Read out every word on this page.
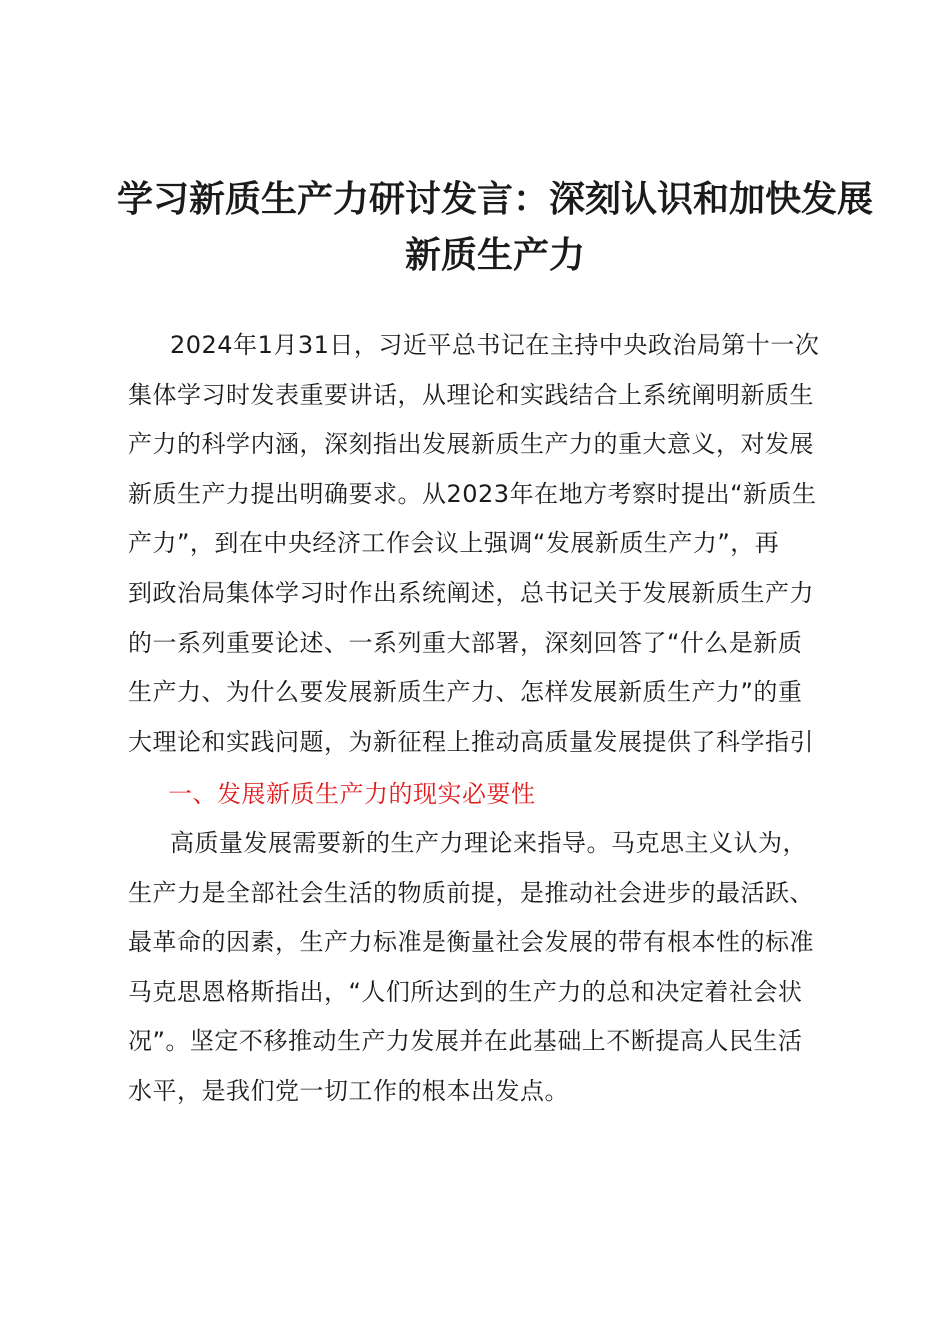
学习新质生产力研讨发言：深刻认识和加快发展
新质生产力
2024年1月31日，习近平总书记在主持中央政治局第十一次
集体学习时发表重要讲话，从理论和实践结合上系统阐明新质生
产力的科学内涵，深刻指出发展新质生产力的重大意义，对发展
新质生产力提出明确要求。从2023年在地方考察时提出“新质生
产力”，到在中央经济工作会议上强调“发展新质生产力”，再
到政治局集体学习时作出系统阐述，总书记关于发展新质生产力
的一系列重要论述、一系列重大部署，深刻回答了“什么是新质
生产力、为什么要发展新质生产力、怎样发展新质生产力”的重
大理论和实践问题，为新征程上推动高质量发展提供了科学指引
一、发展新质生产力的现实必要性
高质量发展需要新的生产力理论来指导。马克思主义认为，
生产力是全部社会生活的物质前提，是推动社会进步的最活跃、
最革命的因素，生产力标准是衡量社会发展的带有根本性的标准
马克思恩格斯指出，“人们所达到的生产力的总和决定着社会状
况”。坚定不移推动生产力发展并在此基础上不断提高人民生活
水平，是我们党一切工作的根本出发点。
